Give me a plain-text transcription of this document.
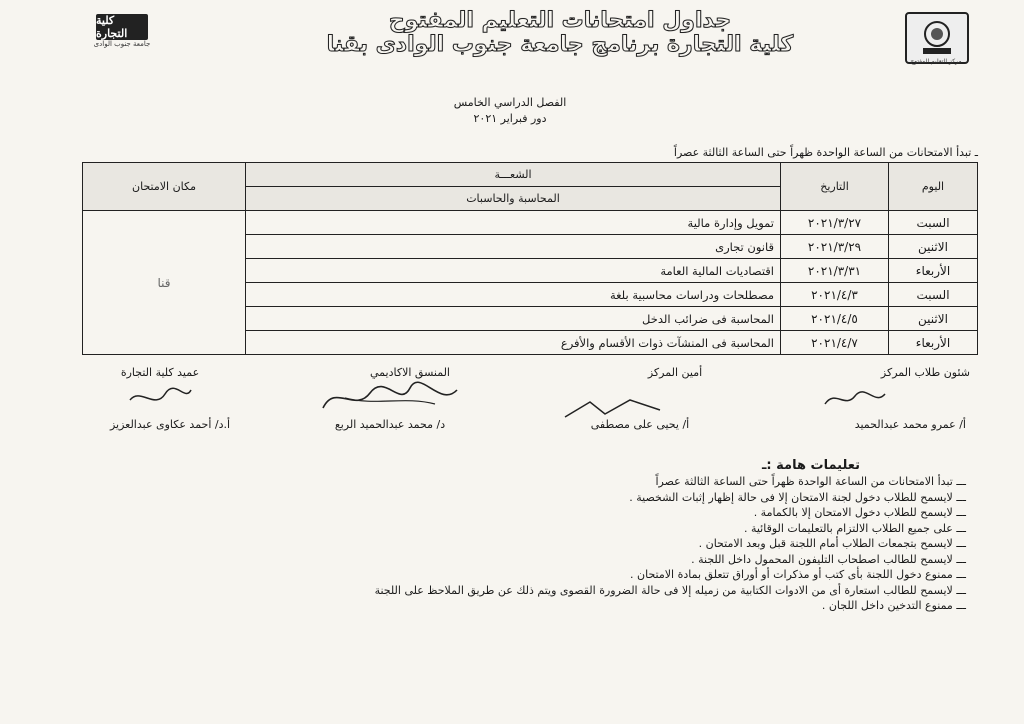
مركز التعليم المفتوح
كلية التجارة
جامعة جنوب الوادى
جداول امتحانات التعليم المفتوح
كلية التجارة برنامج جامعة جنوب الوادى بقنا
الفصل الدراسي الخامس
دور فبراير ٢٠٢١
ـ تبدأ الامتحانات من الساعة الواحدة ظهراً حتى الساعة الثالثة عصراً
اليوم	التاريخ	الشعـــة	مكان الامتحان
		المحاسبة والحاسبات	
السبت	٢٠٢١/٣/٢٧	تمويل وإدارة مالية	قنا
الاثنين	٢٠٢١/٣/٢٩	قانون تجارى	
الأربعاء	٢٠٢١/٣/٣١	اقتصاديات المالية العامة	
السبت	٢٠٢١/٤/٣	مصطلحات ودراسات محاسبية بلغة	
الاثنين	٢٠٢١/٤/٥	المحاسبة فى ضرائب الدخل	
الأربعاء	٢٠٢١/٤/٧	المحاسبة فى المنشآت ذوات الأقسام والأفرع	
شئون طلاب المركز
أ/ عمرو محمد عبدالحميد
أمين المركز
أ/ يحيى على مصطفى
المنسق الاكاديمي
د/ محمد عبدالحميد الربع
عميد كلية التجارة
أ.د/ أحمد عكاوى عبدالعزيز
تعليمات هامة :ـ
ـــ تبدأ الامتحانات من الساعة الواحدة ظهراً حتى الساعة الثالثة عصراً
ـــ لايسمح للطلاب دخول لجنة الامتحان إلا فى حالة إظهار إثبات الشخصية .
ـــ لايسمح للطلاب دخول الامتحان إلا بالكمامة .
ـــ على جميع الطلاب الالتزام بالتعليمات الوقائية .
ـــ لايسمح بتجمعات الطلاب أمام اللجنة قبل وبعد الامتحان .
ـــ لايسمح للطالب اصطحاب التليفون المحمول داخل اللجنة .
ـــ ممنوع دخول اللجنة بأى كتب أو مذكرات أو أوراق تتعلق بمادة الامتحان .
ـــ لايسمح للطالب استعارة أى من الادوات الكتابية من زميله إلا فى حالة الضرورة القصوى ويتم ذلك عن طريق الملاحظ على اللجنة
ـــ ممنوع التدخين داخل اللجان .
